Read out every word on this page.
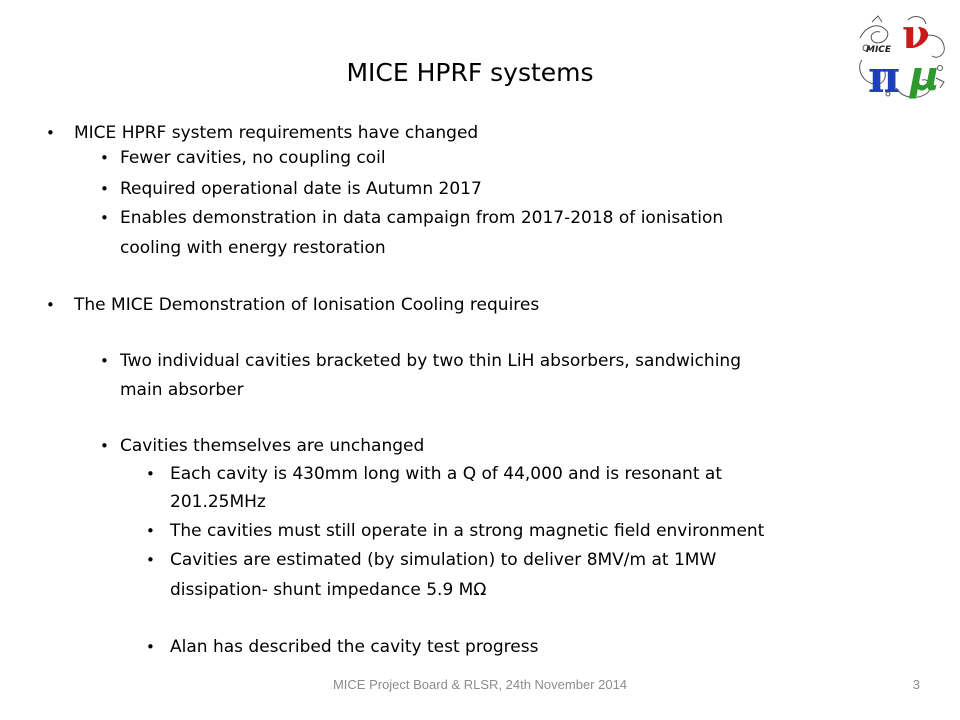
MICE HPRF systems
MICE ν
π μ
• MICE HPRF system requirements have changed
• Fewer cavities, no coupling coil
• Required operational date is Autumn 2017
• Enables demonstration in data campaign from 2017-2018 of ionisation
cooling with energy restoration
• The MICE Demonstration of Ionisation Cooling requires
• Two individual cavities bracketed by two thin LiH absorbers, sandwiching
main absorber
• Cavities themselves are unchanged
• Each cavity is 430mm long with a Q of 44,000 and is resonant at
201.25MHz
• The cavities must still operate in a strong magnetic field environment
• Cavities are estimated (by simulation) to deliver 8MV/m at 1MW
dissipation- shunt impedance 5.9 MΩ
• Alan has described the cavity test progress
MICE Project Board & RLSR, 24th November 2014	3
